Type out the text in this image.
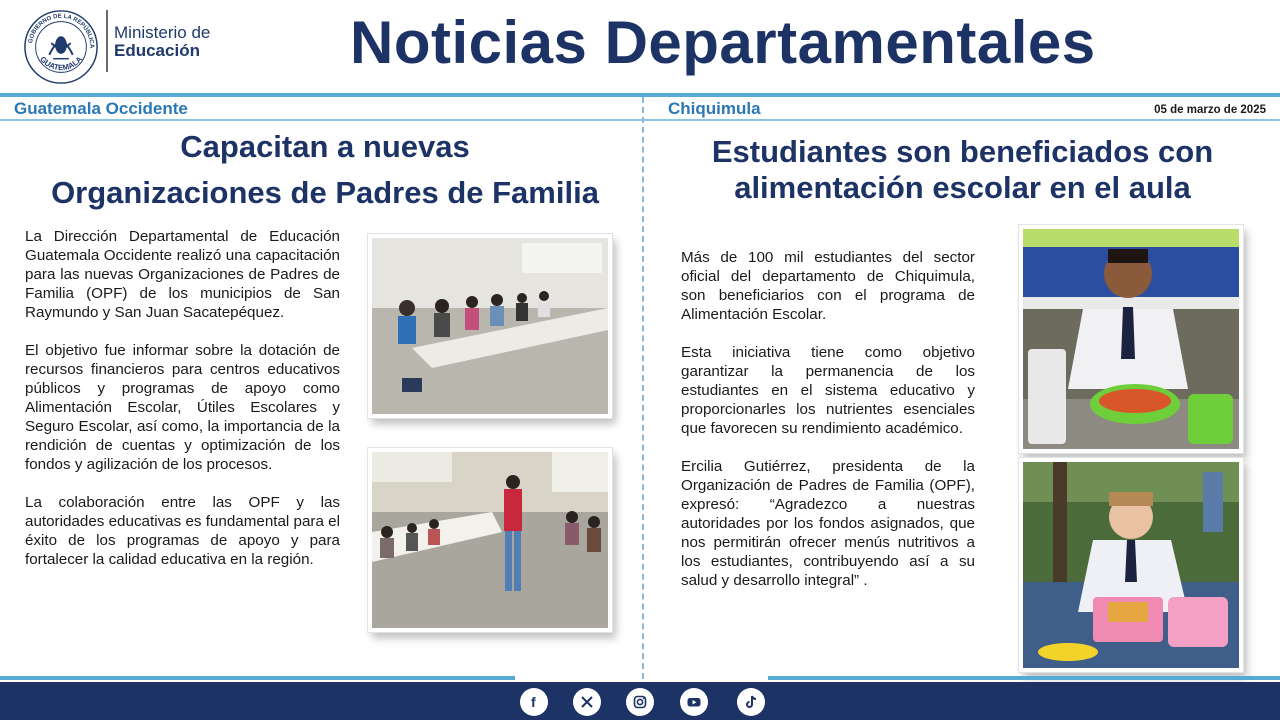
GOBIERNO DE LA REPÚBLICA
GUATEMALA
Ministerio de
Educación	Noticias Departamentales
Guatemala Occidente	Chiquimula	05 de marzo de 2025
Capacitan a nuevas
Organizaciones de Padres de Familia

La Dirección Departamental de Educación Guatemala Occidente realizó una capacitación para las nuevas Organizaciones de Padres de Familia (OPF) de los municipios de San Raymundo y San Juan Sacatepéquez.

El objetivo fue informar sobre la dotación de recursos financieros para centros educativos públicos y programas de apoyo como Alimentación Escolar, Útiles Escolares y Seguro Escolar, así como, la importancia de la rendición de cuentas y optimización de los fondos y agilización de los procesos.

La colaboración entre las OPF y las autoridades educativas es fundamental para el éxito de los programas de apoyo y para fortalecer la calidad educativa en la región.

Estudiantes son beneficiados con
alimentación escolar en el aula

Más de 100 mil estudiantes del sector oficial del departamento de Chiquimula, son beneficiarios con el programa de Alimentación Escolar.

Esta iniciativa tiene como objetivo garantizar la permanencia de los estudiantes en el sistema educativo y proporcionarles los nutrientes esenciales que favorecen su rendimiento académico.

Ercilia Gutiérrez, presidenta de la Organización de Padres de Familia (OPF), expresó: “Agradezco a nuestras autoridades por los fondos asignados, que nos permitirán ofrecer menús nutritivos a los estudiantes, contribuyendo así a su salud y desarrollo integral” .

f
